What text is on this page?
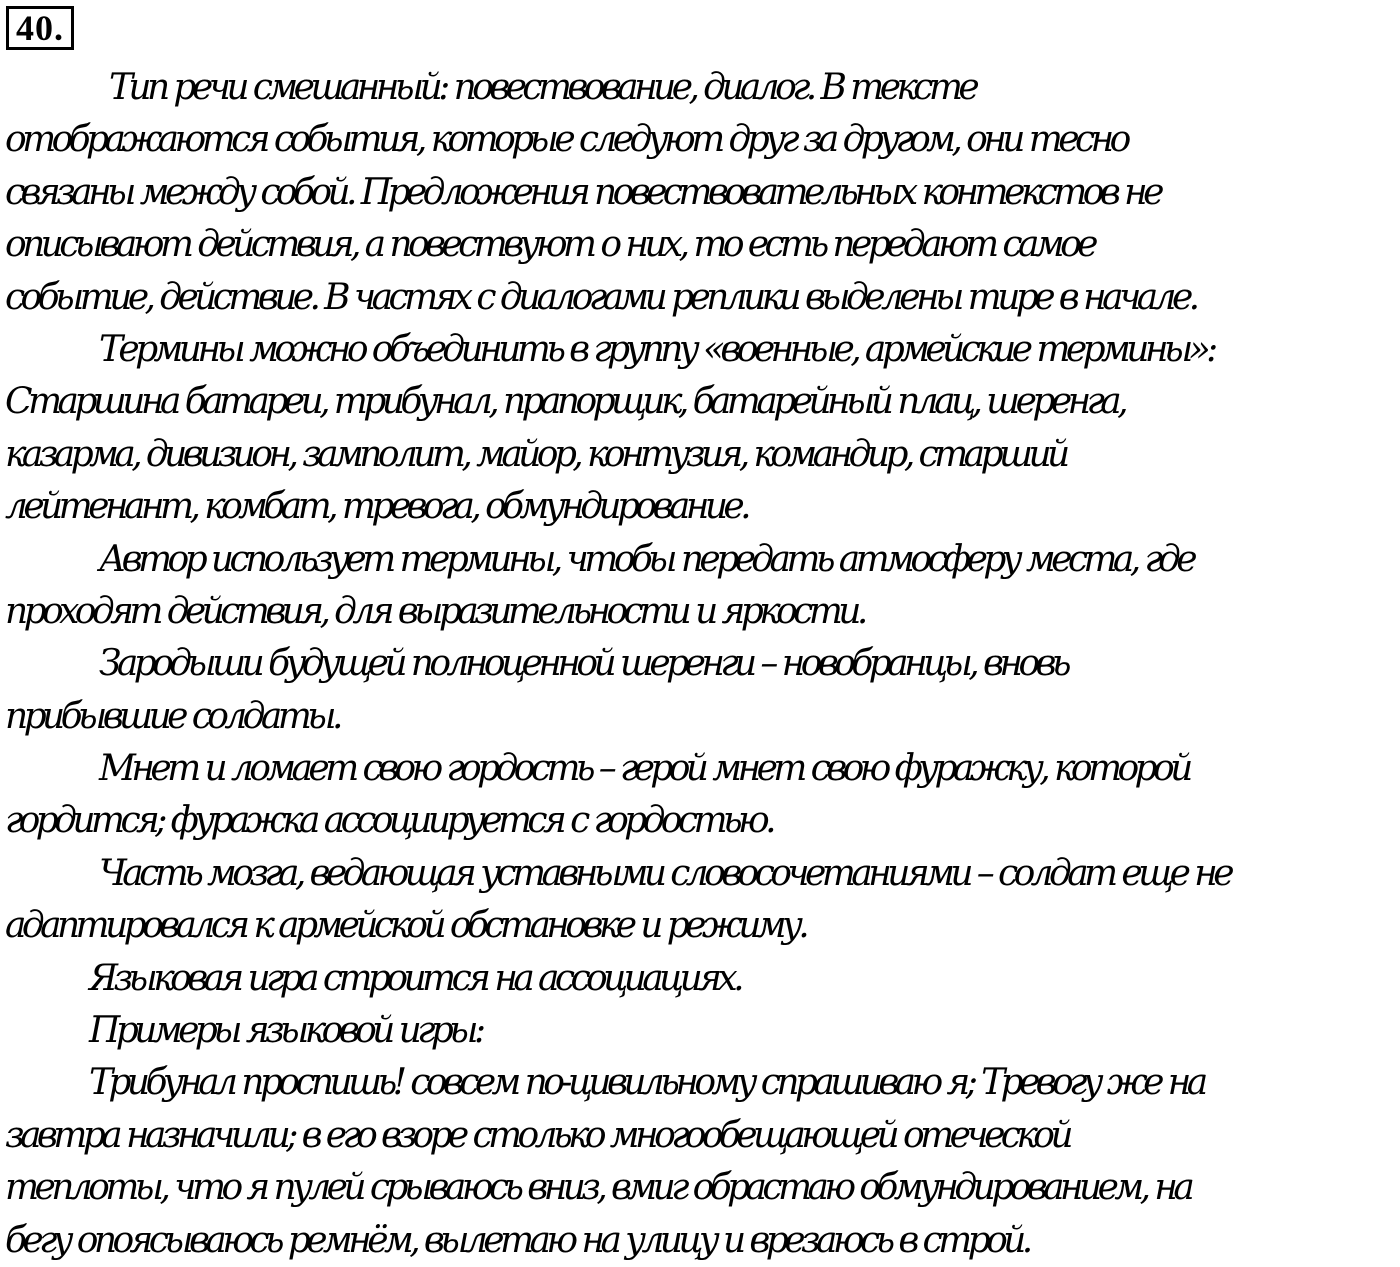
40.
Тип речи смешанный: повествование, диалог. В тексте
отображаются события, которые следуют друг за другом, они тесно
связаны между собой. Предложения повествовательных контекстов не
описывают действия, а повествуют о них, то есть передают самое
событие, действие. В частях с диалогами реплики выделены тире в начале.
Термины можно объединить в группу «военные, армейские термины»:
Старшина батареи, трибунал, прапорщик, батарейный плац, шеренга,
казарма, дивизион, замполит, майор, контузия, командир, старший
лейтенант, комбат, тревога, обмундирование.
Автор использует термины, чтобы передать атмосферу места, где
проходят действия, для выразительности и яркости.
Зародыши будущей полноценной шеренги – новобранцы, вновь
прибывшие солдаты.
Мнет и ломает свою гордость – герой мнет свою фуражку, которой
гордится; фуражка ассоциируется с гордостью.
Часть мозга, ведающая уставными словосочетаниями – солдат еще не
адаптировался к армейской обстановке и режиму.
Языковая игра строится на ассоциациях.
Примеры языковой игры:
Трибунал проспишь! совсем по-цивильному спрашиваю я; Тревогу же на
завтра назначили; в его взоре столько многообещающей отеческой
теплоты, что я пулей срываюсь вниз, вмиг обрастаю обмундированием, на
бегу опоясываюсь ремнём, вылетаю на улицу и врезаюсь в строй.
